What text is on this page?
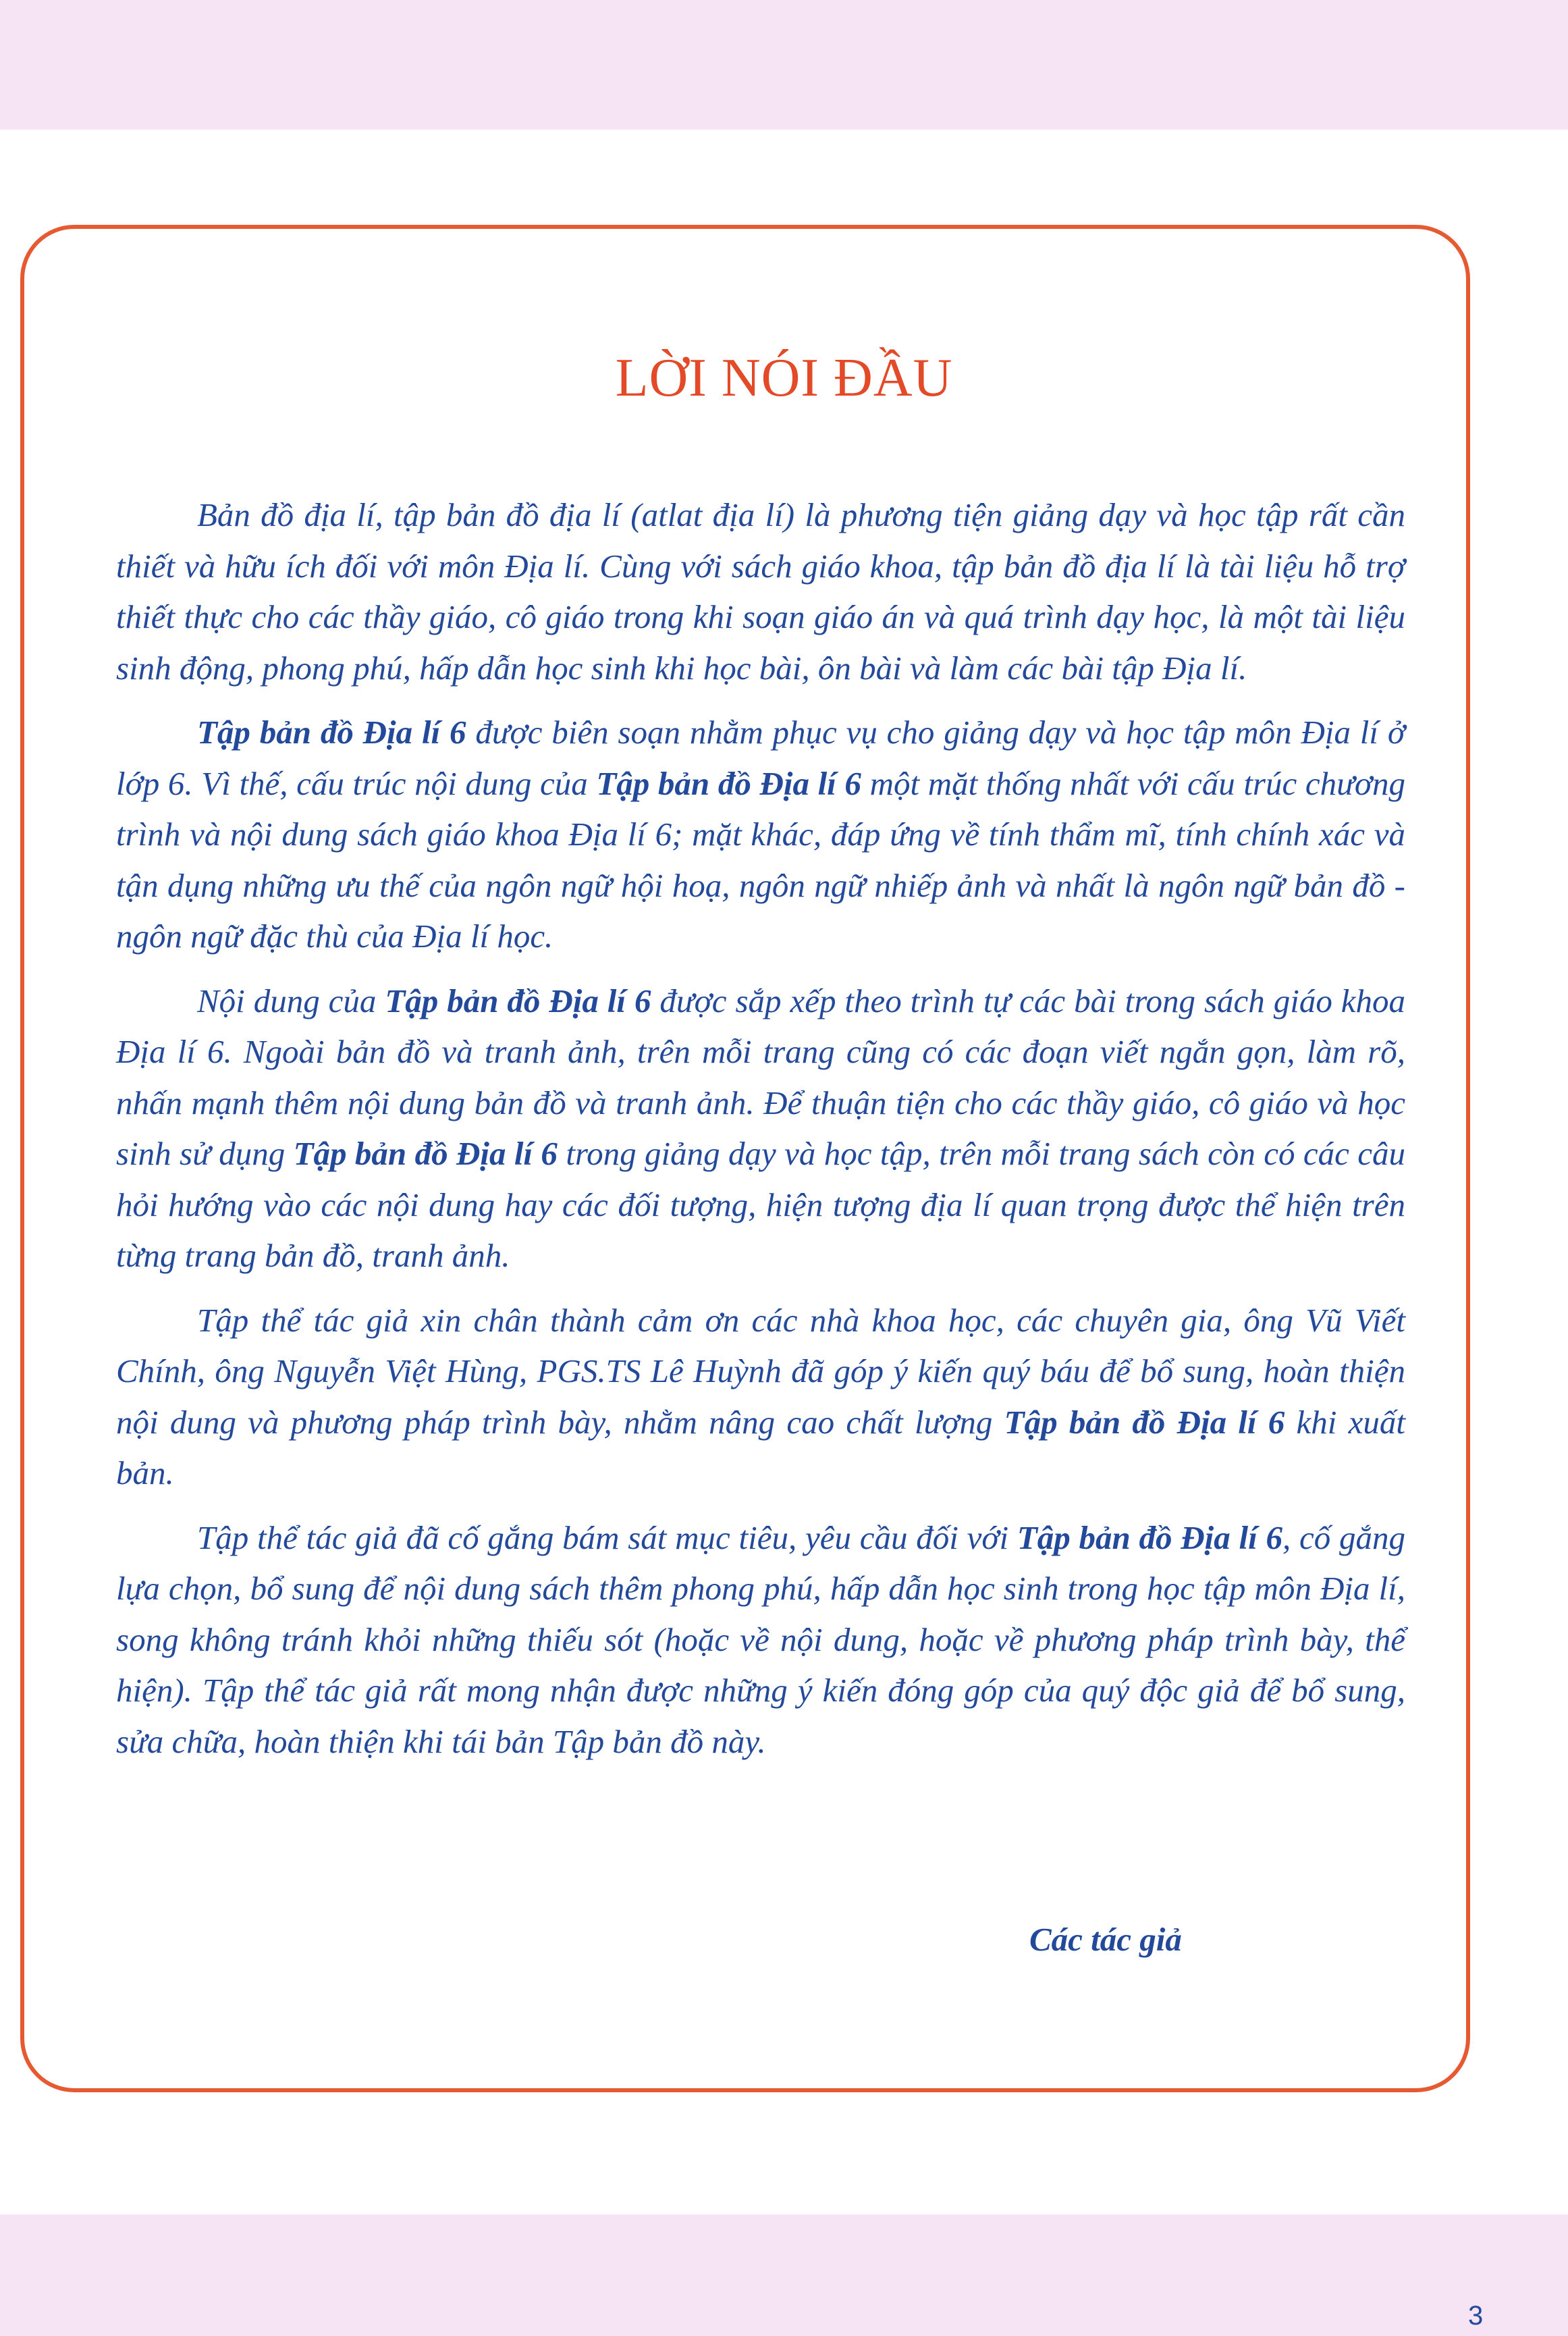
LỜI NÓI ĐẦU

Bản đồ địa lí, tập bản đồ địa lí (atlat địa lí) là phương tiện giảng dạy và học tập rất cần thiết và hữu ích đối với môn Địa lí. Cùng với sách giáo khoa, tập bản đồ địa lí là tài liệu hỗ trợ thiết thực cho các thầy giáo, cô giáo trong khi soạn giáo án và quá trình dạy học, là một tài liệu sinh động, phong phú, hấp dẫn học sinh khi học bài, ôn bài và làm các bài tập Địa lí.

Tập bản đồ Địa lí 6 được biên soạn nhằm phục vụ cho giảng dạy và học tập môn Địa lí ở lớp 6. Vì thế, cấu trúc nội dung của Tập bản đồ Địa lí 6 một mặt thống nhất với cấu trúc chương trình và nội dung sách giáo khoa Địa lí 6; mặt khác, đáp ứng về tính thẩm mĩ, tính chính xác và tận dụng những ưu thế của ngôn ngữ hội hoạ, ngôn ngữ nhiếp ảnh và nhất là ngôn ngữ bản đồ - ngôn ngữ đặc thù của Địa lí học.

Nội dung của Tập bản đồ Địa lí 6 được sắp xếp theo trình tự các bài trong sách giáo khoa Địa lí 6. Ngoài bản đồ và tranh ảnh, trên mỗi trang cũng có các đoạn viết ngắn gọn, làm rõ, nhấn mạnh thêm nội dung bản đồ và tranh ảnh. Để thuận tiện cho các thầy giáo, cô giáo và học sinh sử dụng Tập bản đồ Địa lí 6 trong giảng dạy và học tập, trên mỗi trang sách còn có các câu hỏi hướng vào các nội dung hay các đối tượng, hiện tượng địa lí quan trọng được thể hiện trên từng trang bản đồ, tranh ảnh.

Tập thể tác giả xin chân thành cảm ơn các nhà khoa học, các chuyên gia, ông Vũ Viết Chính, ông Nguyễn Việt Hùng, PGS.TS Lê Huỳnh đã góp ý kiến quý báu để bổ sung, hoàn thiện nội dung và phương pháp trình bày, nhằm nâng cao chất lượng Tập bản đồ Địa lí 6 khi xuất bản.

Tập thể tác giả đã cố gắng bám sát mục tiêu, yêu cầu đối với Tập bản đồ Địa lí 6, cố gắng lựa chọn, bổ sung để nội dung sách thêm phong phú, hấp dẫn học sinh trong học tập môn Địa lí, song không tránh khỏi những thiếu sót (hoặc về nội dung, hoặc về phương pháp trình bày, thể hiện). Tập thể tác giả rất mong nhận được những ý kiến đóng góp của quý độc giả để bổ sung, sửa chữa, hoàn thiện khi tái bản Tập bản đồ này.

Các tác giả
3
